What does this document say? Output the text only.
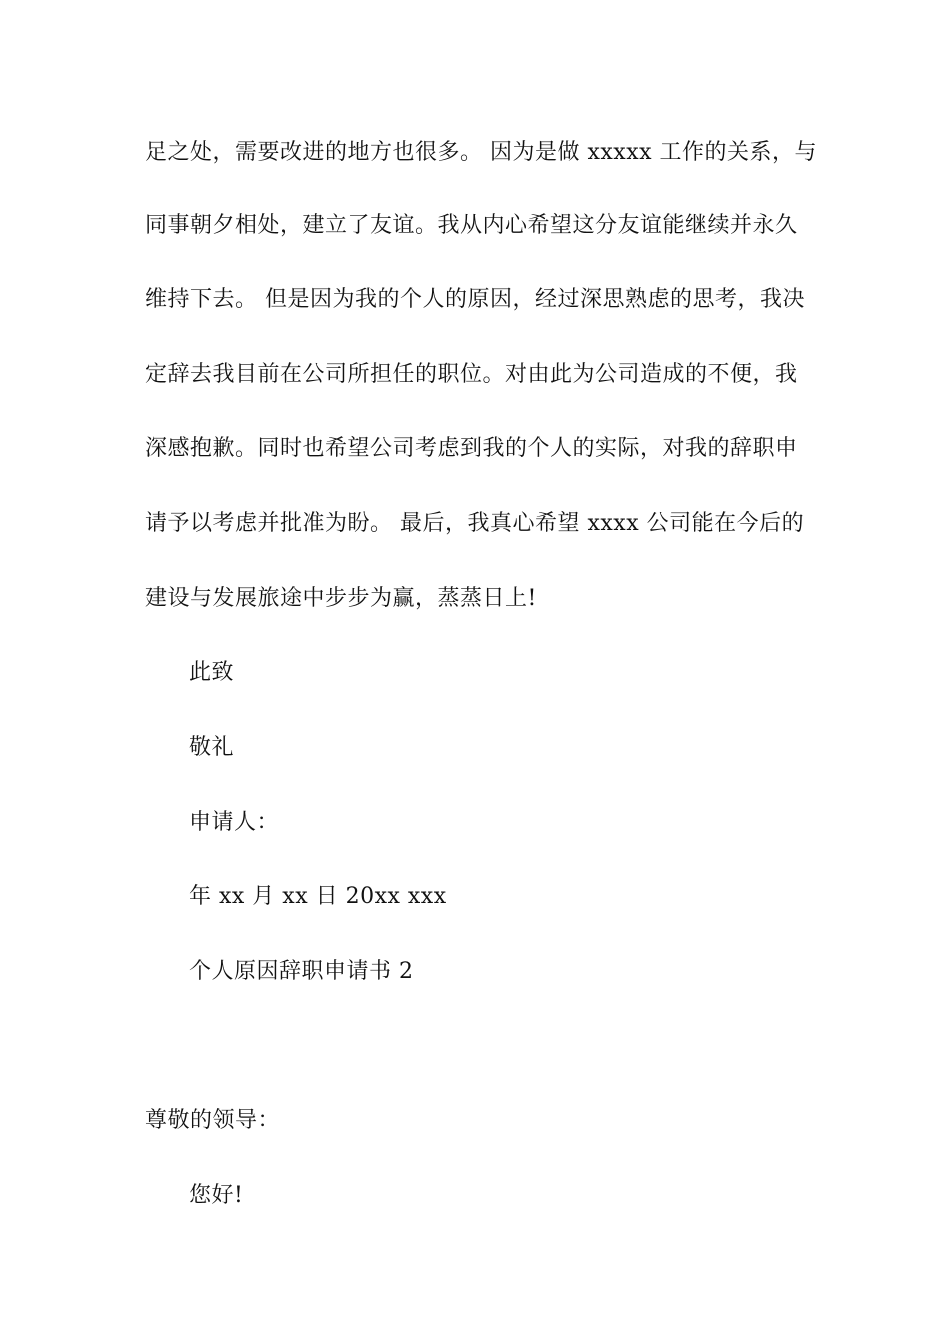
足之处，需要改进的地方也很多。 因为是做 xxxxx 工作的关系，与
同事朝夕相处，建立了友谊。我从内心希望这分友谊能继续并永久
维持下去。 但是因为我的个人的原因，经过深思熟虑的思考，我决
定辞去我目前在公司所担任的职位。对由此为公司造成的不便，我
深感抱歉。同时也希望公司考虑到我的个人的实际，对我的辞职申
请予以考虑并批准为盼。 最后，我真心希望 xxxx 公司能在今后的
建设与发展旅途中步步为赢，蒸蒸日上!
此致
敬礼
申请人：
年 xx 月 xx 日 20xx xxx
个人原因辞职申请书 2
尊敬的领导：
您好!
